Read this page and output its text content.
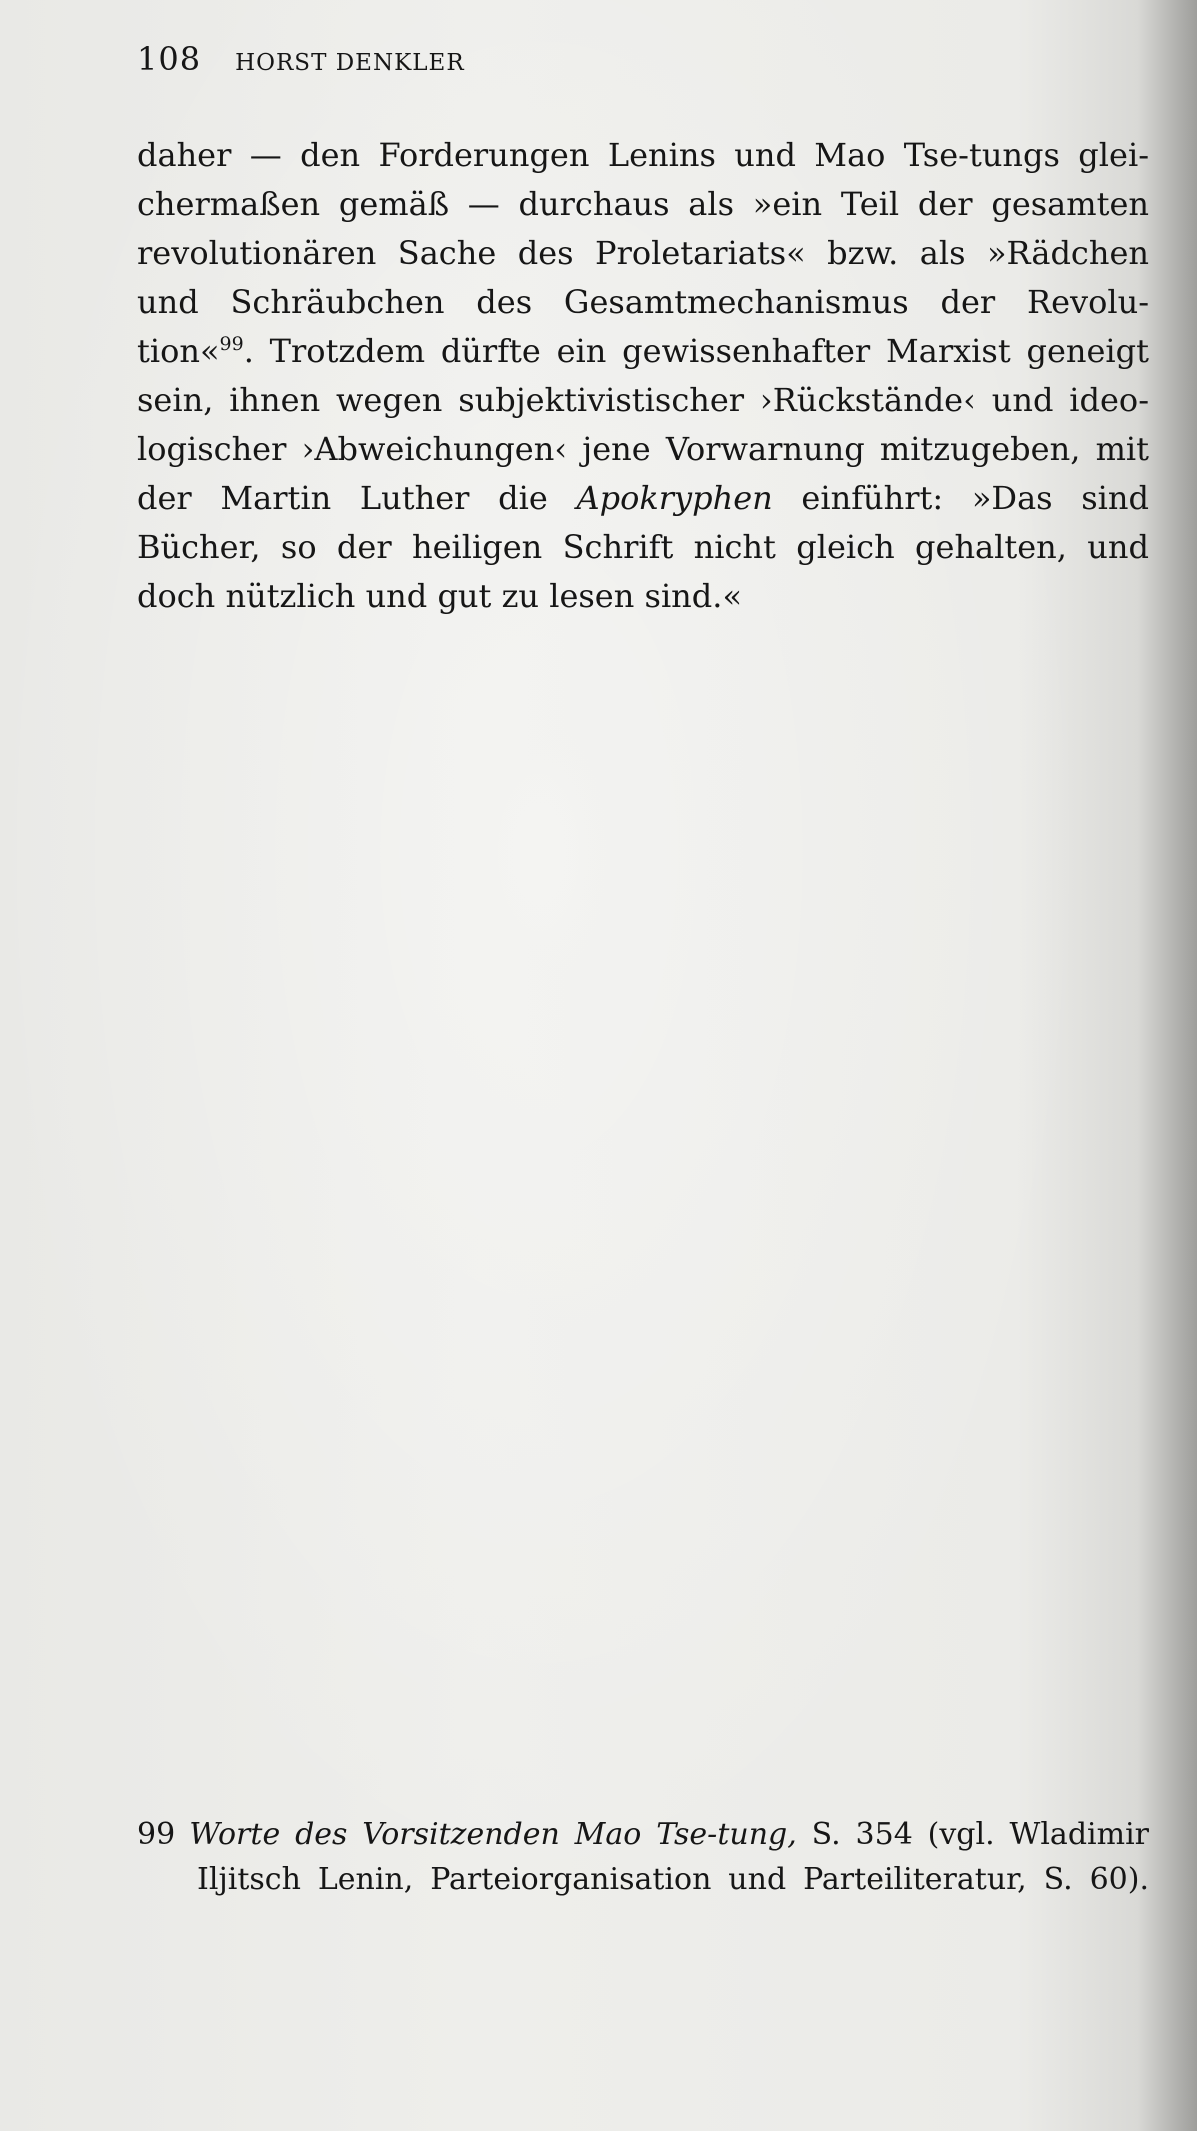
108 HORST DENKLER
daher — den Forderungen Lenins und Mao Tse-tungs glei-
chermaßen gemäß — durchaus als »ein Teil der gesamten
revolutionären Sache des Proletariats« bzw. als »Rädchen
und Schräubchen des Gesamtmechanismus der Revolu-
tion«$^{99}$. Trotzdem dürfte ein gewissenhafter Marxist geneigt
sein, ihnen wegen subjektivistischer ›Rückstände‹ und ideo-
logischer ›Abweichungen‹ jene Vorwarnung mitzugeben, mit
der Martin Luther die Apokryphen einführt: »Das sind
Bücher, so der heiligen Schrift nicht gleich gehalten, und
doch nützlich und gut zu lesen sind.«
99 Worte des Vorsitzenden Mao Tse-tung, S. 354 (vgl. Wladimir
Iljitsch Lenin, Parteiorganisation und Parteiliteratur, S. 60).
